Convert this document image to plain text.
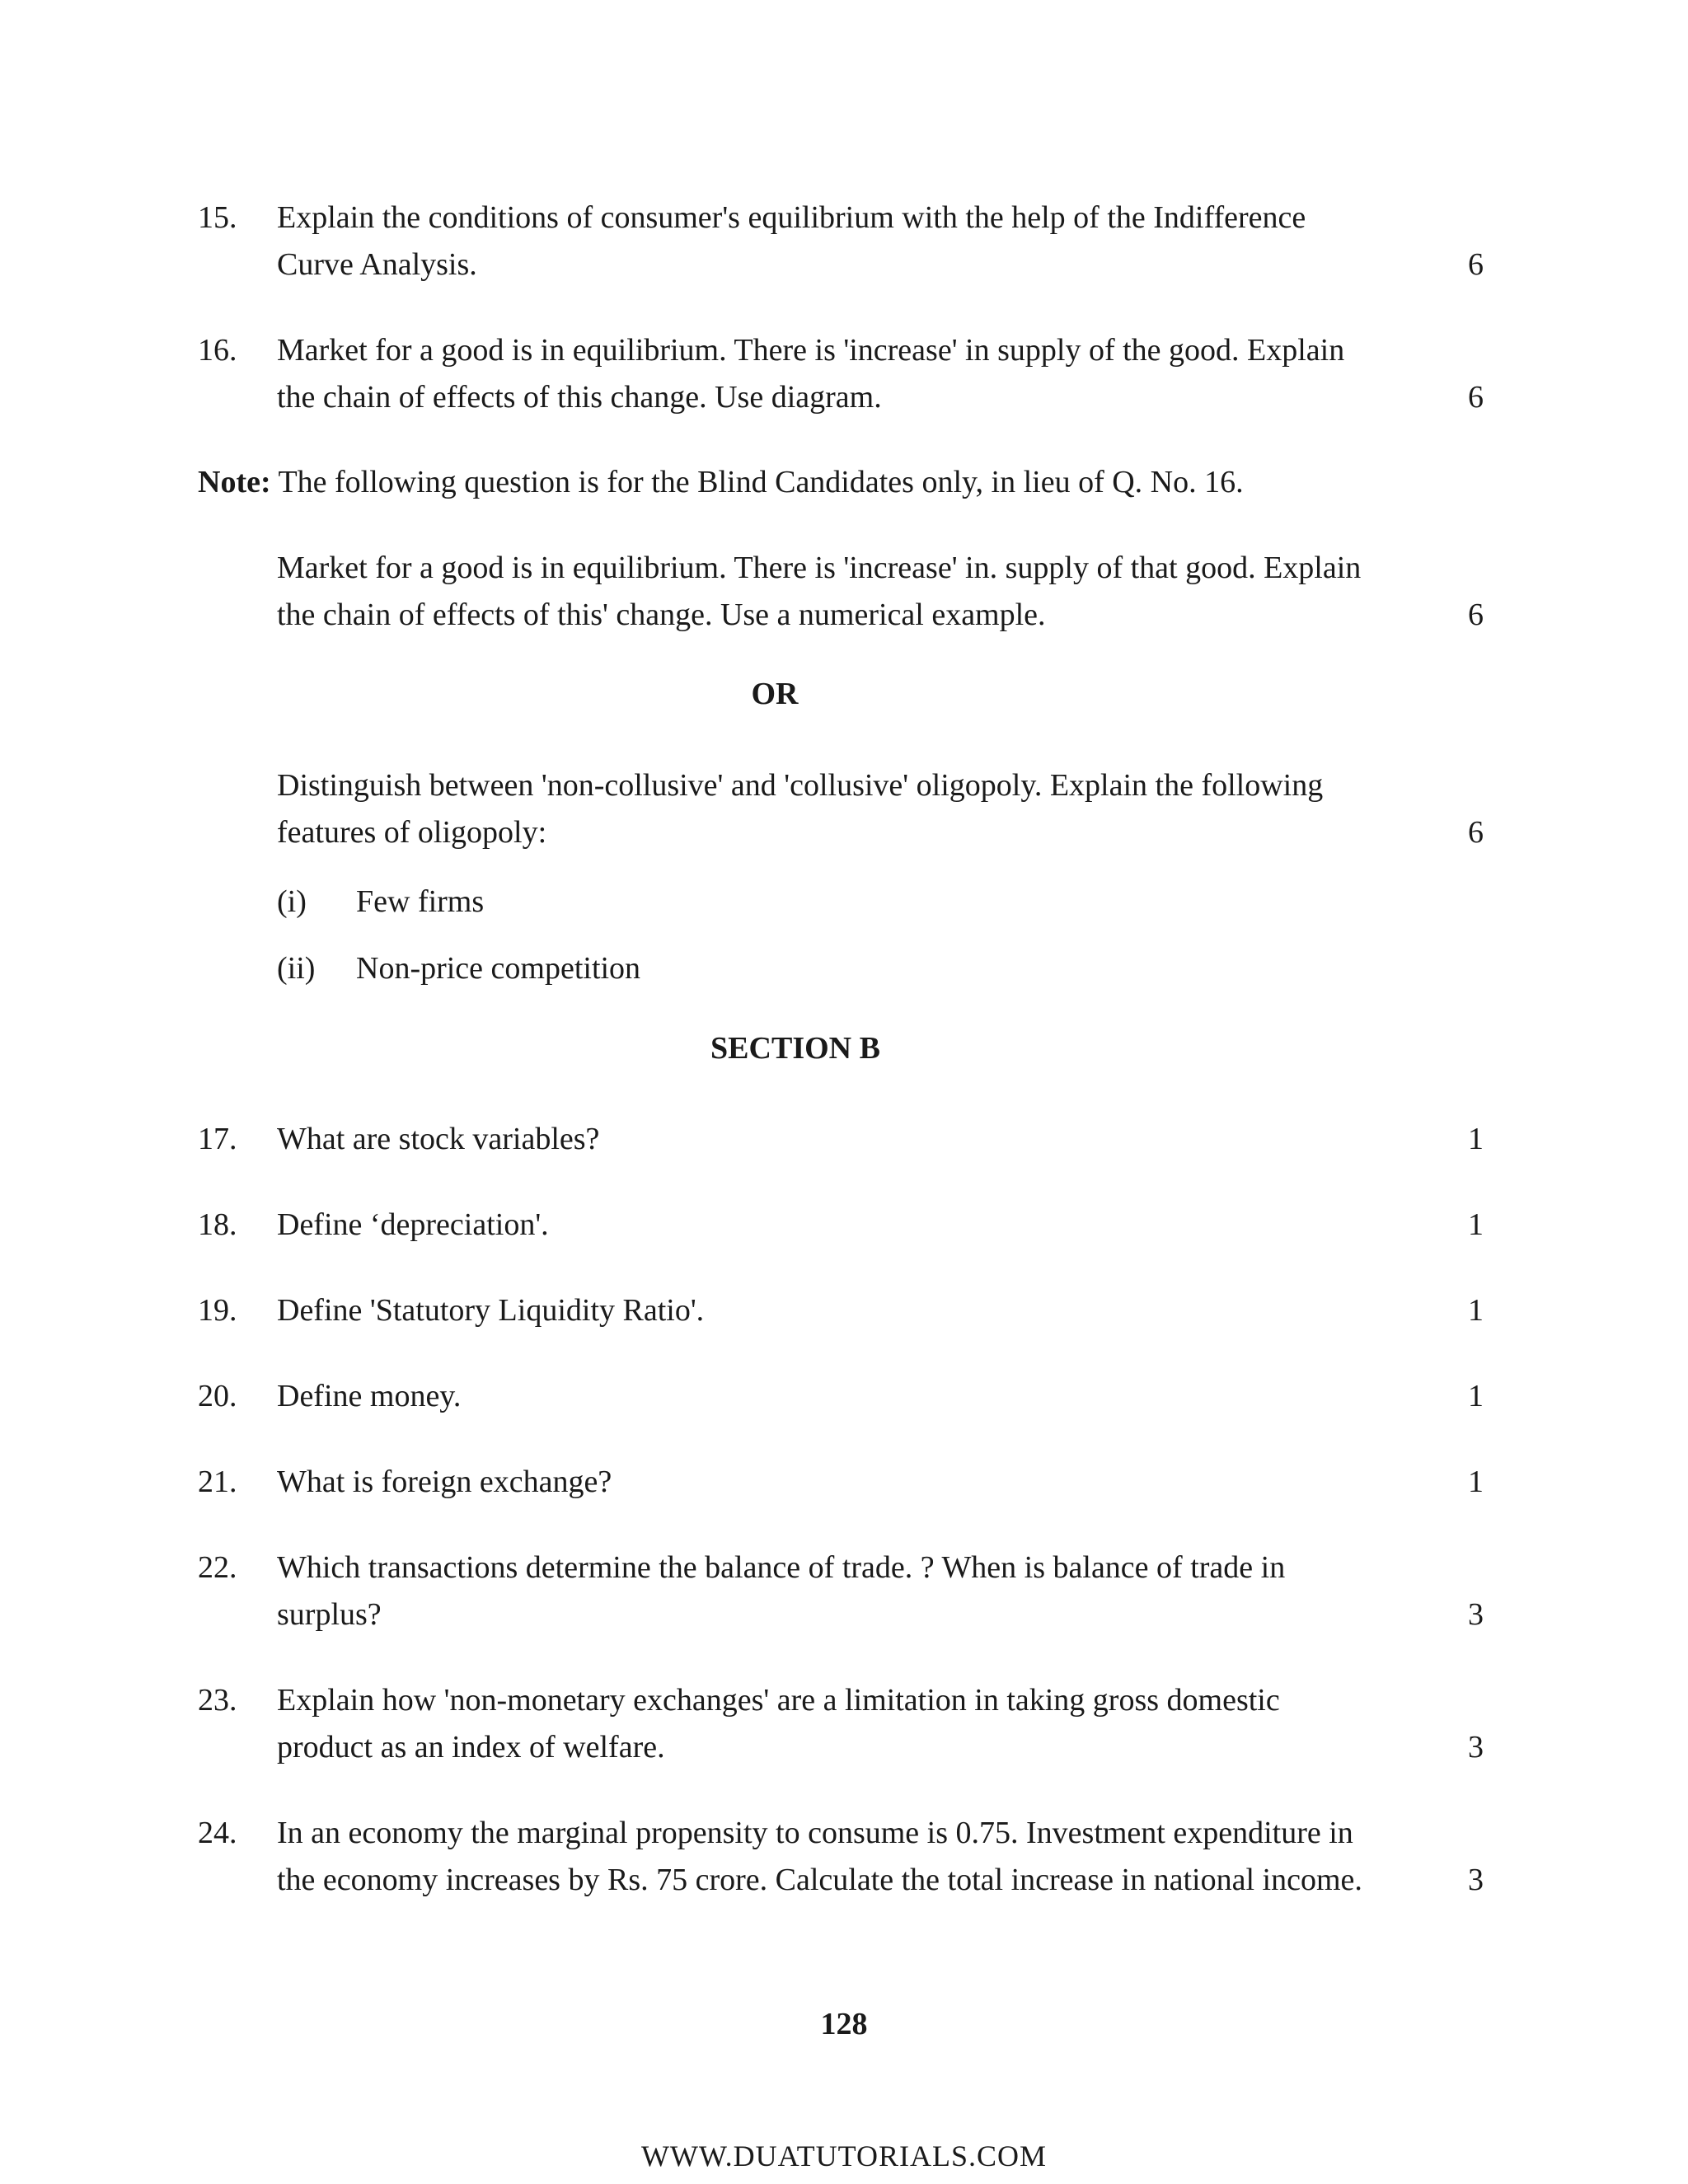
15. Explain the conditions of consumer's equilibrium with the help of the Indifference Curve Analysis.	6
16. Market for a good is in equilibrium. There is 'increase' in supply of the good. Explain the chain of effects of this change. Use diagram.	6
Note: The following question is for the Blind Candidates only, in lieu of Q. No. 16.
Market for a good is in equilibrium. There is 'increase' in. supply of that good. Explain the chain of effects of this' change. Use a numerical example.	6
OR
Distinguish between 'non-collusive' and 'collusive' oligopoly. Explain the following features of oligopoly:	6
(i) Few firms
(ii) Non-price competition
SECTION B
17. What are stock variables?	1
18. Define ‘depreciation'.	1
19. Define 'Statutory Liquidity Ratio'.	1
20. Define money.	1
21. What is foreign exchange?	1
22. Which transactions determine the balance of trade. ? When is balance of trade in surplus?	3
23. Explain how 'non-monetary exchanges' are a limitation in taking gross domestic product as an index of welfare.	3
24. In an economy the marginal propensity to consume is 0.75. Investment expenditure in the economy increases by Rs. 75 crore. Calculate the total increase in national income.	3
128
WWW.DUATUTORIALS.COM
